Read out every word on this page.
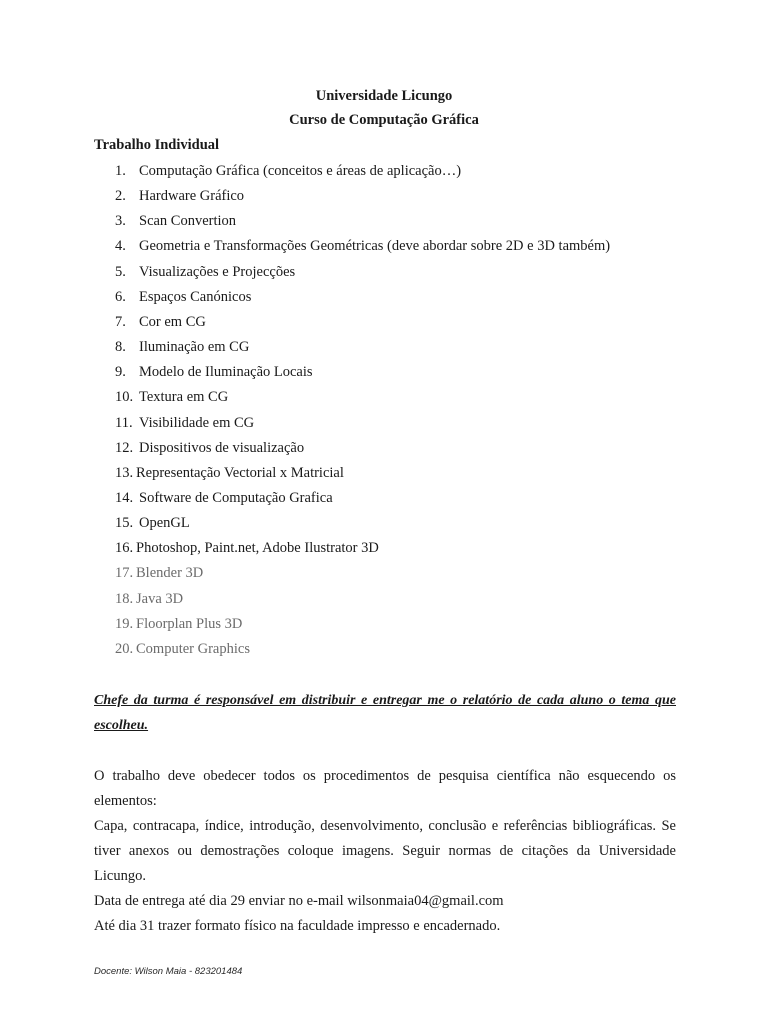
Universidade Licungo
Curso de Computação Gráfica
Trabalho Individual
1. Computação Gráfica (conceitos e áreas de aplicação…)
2. Hardware Gráfico
3. Scan Convertion
4. Geometria e Transformações Geométricas (deve abordar sobre 2D e 3D também)
5. Visualizações e Projecções
6. Espaços Canónicos
7. Cor em CG
8. Iluminação em CG
9. Modelo de Iluminação Locais
10. Textura em CG
11. Visibilidade em CG
12. Dispositivos de visualização
13. Representação Vectorial x Matricial
14. Software de Computação Grafica
15. OpenGL
16. Photoshop, Paint.net, Adobe Ilustrator 3D
17. Blender 3D
18. Java 3D
19. Floorplan Plus 3D
20. Computer Graphics
Chefe da turma é responsável em distribuir e entregar me o relatório de cada aluno o tema que escolheu.
O trabalho deve obedecer todos os procedimentos de pesquisa científica não esquecendo os elementos:
Capa, contracapa, índice, introdução, desenvolvimento, conclusão e referências bibliográficas. Se tiver anexos ou demostrações coloque imagens. Seguir normas de citações da Universidade Licungo.
Data de entrega até dia 29 enviar no e-mail wilsonmaia04@gmail.com
Até dia 31 trazer formato físico na faculdade impresso e encadernado.
Docente: Wilson Maia - 823201484
